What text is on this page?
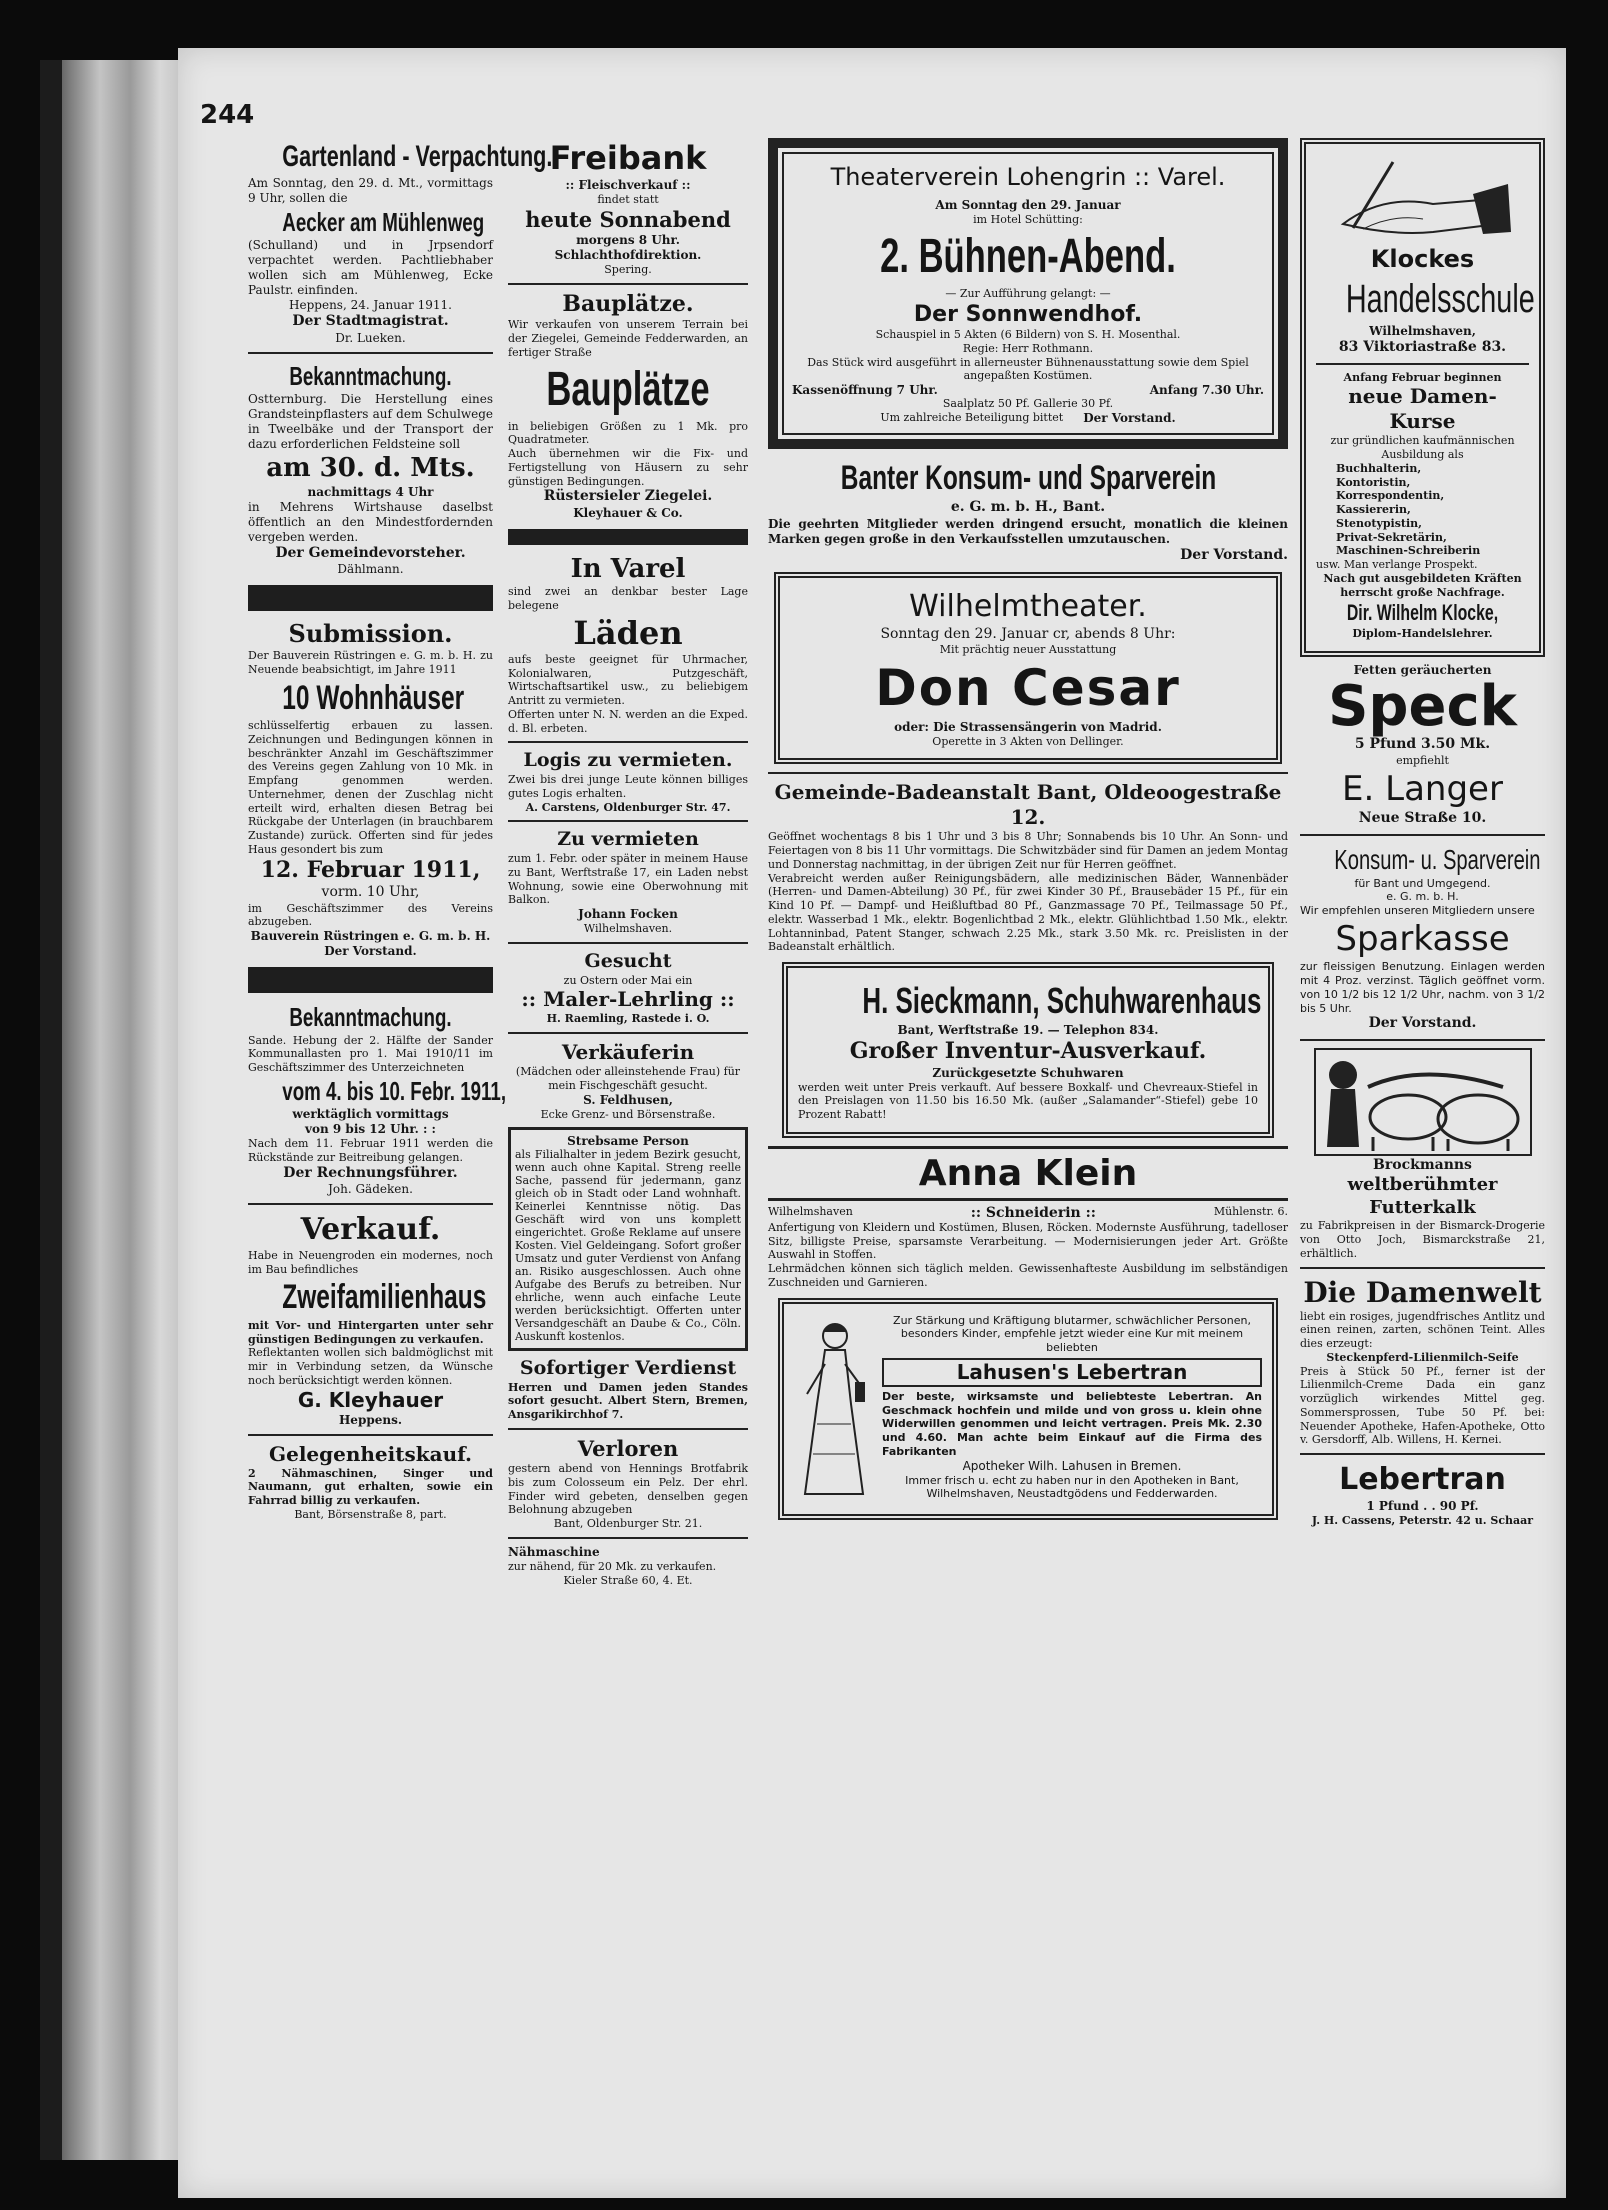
244

Gartenland - Verpachtung.

Am Sonntag, den 29. d. Mt., vormittags 9 Uhr, sollen die

Aecker am Mühlenweg

(Schulland) und in Jrpsendorf verpachtet werden. Pachtliebhaber wollen sich am Mühlenweg, Ecke Paulstr. einfinden.

Heppens, 24. Januar 1911.

Der Stadtmagistrat.

Dr. Lueken.

Bekanntmachung.

Ostternburg. Die Herstellung eines Grandsteinpflasters auf dem Schulwege in Tweelbäke und der Transport der dazu erforderlichen Feldsteine soll

am 30. d. Mts.

nachmittags 4 Uhr

in Mehrens Wirtshause daselbst öffentlich an den Mindestfordernden vergeben werden.

Der Gemeindevorsteher.

Dählmann.

Submission.

Der Bauverein Rüstringen e. G. m. b. H. zu Neuende beabsichtigt, im Jahre 1911

10 Wohnhäuser

schlüsselfertig erbauen zu lassen. Zeichnungen und Bedingungen können in beschränkter Anzahl im Geschäftszimmer des Vereins gegen Zahlung von 10 Mk. in Empfang genommen werden. Unternehmer, denen der Zuschlag nicht erteilt wird, erhalten diesen Betrag bei Rückgabe der Unterlagen (in brauchbarem Zustande) zurück. Offerten sind für jedes Haus gesondert bis zum

12. Februar 1911,

vorm. 10 Uhr,

im Geschäftszimmer des Vereins abzugeben.

Bauverein Rüstringen e. G. m. b. H.

Der Vorstand.

Bekanntmachung.

Sande. Hebung der 2. Hälfte der Sander Kommunallasten pro 1. Mai 1910/11 im Geschäftszimmer des Unterzeichneten

vom 4. bis 10. Febr. 1911,

werktäglich vormittags

von 9 bis 12 Uhr. : :

Nach dem 11. Februar 1911 werden die Rückstände zur Beitreibung gelangen.

Der Rechnungsführer.

Joh. Gädeken.

Verkauf.

Habe in Neuengroden ein modernes, noch im Bau befindliches

Zweifamilienhaus

mit Vor- und Hintergarten unter sehr günstigen Bedingungen zu verkaufen.

Reflektanten wollen sich baldmöglichst mit mir in Verbindung setzen, da Wünsche noch berücksichtigt werden können.

G. Kleyhauer

Heppens.

Gelegenheitskauf.

2 Nähmaschinen, Singer und Naumann, gut erhalten, sowie ein Fahrrad billig zu verkaufen.

Bant, Börsenstraße 8, part.

Freibank

:: Fleischverkauf ::

findet statt

heute Sonnabend

morgens 8 Uhr.

Schlachthofdirektion.

Spering.

Bauplätze.

Wir verkaufen von unserem Terrain bei der Ziegelei, Gemeinde Fedderwarden, an fertiger Straße

Bauplätze

in beliebigen Größen zu 1 Mk. pro Quadratmeter.

Auch übernehmen wir die Fix- und Fertigstellung von Häusern zu sehr günstigen Bedingungen.

Rüstersieler Ziegelei.

Kleyhauer & Co.

In Varel

sind zwei an denkbar bester Lage belegene

Läden

aufs beste geeignet für Uhrmacher, Kolonialwaren, Putzgeschäft, Wirtschaftsartikel usw., zu beliebigem Antritt zu vermieten.

Offerten unter N. N. werden an die Exped. d. Bl. erbeten.

Logis zu vermieten.

Zwei bis drei junge Leute können billiges gutes Logis erhalten.

A. Carstens, Oldenburger Str. 47.

Zu vermieten

zum 1. Febr. oder später in meinem Hause zu Bant, Werftstraße 17, ein Laden nebst Wohnung, sowie eine Oberwohnung mit Balkon.

Johann Focken

Wilhelmshaven.

Gesucht

zu Ostern oder Mai ein

:: Maler-Lehrling ::

H. Raemling, Rastede i. O.

Verkäuferin

(Mädchen oder alleinstehende Frau) für mein Fischgeschäft gesucht.

S. Feldhusen,

Ecke Grenz- und Börsenstraße.

Strebsame Person

als Filialhalter in jedem Bezirk gesucht, wenn auch ohne Kapital. Streng reelle Sache, passend für jedermann, ganz gleich ob in Stadt oder Land wohnhaft. Keinerlei Kenntnisse nötig. Das Geschäft wird von uns komplett eingerichtet. Große Reklame auf unsere Kosten. Viel Geldeingang. Sofort großer Umsatz und guter Verdienst von Anfang an. Risiko ausgeschlossen. Auch ohne Aufgabe des Berufs zu betreiben. Nur ehrliche, wenn auch einfache Leute werden berücksichtigt. Offerten unter Versandgeschäft an Daube & Co., Cöln. Auskunft kostenlos.

Sofortiger Verdienst

Herren und Damen jeden Standes sofort gesucht. Albert Stern, Bremen, Ansgarikirchhof 7.

Verloren

gestern abend von Hennings Brotfabrik bis zum Colosseum ein Pelz. Der ehrl. Finder wird gebeten, denselben gegen Belohnung abzugeben

Bant, Oldenburger Str. 21.

Nähmaschine

zur nähend, für 20 Mk. zu verkaufen.

Kieler Straße 60, 4. Et.

Theaterverein Lohengrin :: Varel.

Am Sonntag den 29. Januar

im Hotel Schütting:

2. Bühnen-Abend.

— Zur Aufführung gelangt: —

Der Sonnwendhof.

Schauspiel in 5 Akten (6 Bildern) von S. H. Mosenthal.

Regie: Herr Rothmann.

Das Stück wird ausgeführt in allerneuster Bühnenausstattung sowie dem Spiel angepaßten Kostümen.

Kassenöffnung 7 Uhr.	Anfang 7.30 Uhr.

Saalplatz 50 Pf. Gallerie 30 Pf.

Um zahlreiche Beteiligung bittet Der Vorstand.

Banter Konsum- und Sparverein

e. G. m. b. H., Bant.

Die geehrten Mitglieder werden dringend ersucht, monatlich die kleinen Marken gegen große in den Verkaufsstellen umzutauschen.

Der Vorstand.

Wilhelmtheater.

Sonntag den 29. Januar cr, abends 8 Uhr:

Mit prächtig neuer Ausstattung

Don Cesar

oder: Die Strassensängerin von Madrid.

Operette in 3 Akten von Dellinger.

Gemeinde-Badeanstalt Bant, Oldeoogestraße 12.

Geöffnet wochentags 8 bis 1 Uhr und 3 bis 8 Uhr; Sonnabends bis 10 Uhr. An Sonn- und Feiertagen von 8 bis 11 Uhr vormittags. Die Schwitzbäder sind für Damen an jedem Montag und Donnerstag nachmittag, in der übrigen Zeit nur für Herren geöffnet.

Verabreicht werden außer Reinigungsbädern, alle medizinischen Bäder, Wannenbäder (Herren- und Damen-Abteilung) 30 Pf., für zwei Kinder 30 Pf., Brausebäder 15 Pf., für ein Kind 10 Pf. — Dampf- und Heißluftbad 80 Pf., Ganzmassage 70 Pf., Teilmassage 50 Pf., elektr. Wasserbad 1 Mk., elektr. Bogenlichtbad 2 Mk., elektr. Glühlichtbad 1.50 Mk., elektr. Lohtanninbad, Patent Stanger, schwach 2.25 Mk., stark 3.50 Mk. rc. Preislisten in der Badeanstalt erhältlich.

H. Sieckmann, Schuhwarenhaus

Bant, Werftstraße 19. — Telephon 834.

Großer Inventur-Ausverkauf.

Zurückgesetzte Schuhwaren

werden weit unter Preis verkauft. Auf bessere Boxkalf- und Chevreaux-Stiefel in den Preislagen von 11.50 bis 16.50 Mk. (außer „Salamander“-Stiefel) gebe 10 Prozent Rabatt!

Anna Klein

Wilhelmshaven	:: Schneiderin ::	Mühlenstr. 6.

Anfertigung von Kleidern und Kostümen, Blusen, Röcken. Modernste Ausführung, tadelloser Sitz, billigste Preise, sparsamste Verarbeitung. — Modernisierungen jeder Art. Größte Auswahl in Stoffen.

Lehrmädchen können sich täglich melden. Gewissenhafteste Ausbildung im selbständigen Zuschneiden und Garnieren.

Zur Stärkung und Kräftigung blutarmer, schwächlicher Personen, besonders Kinder, empfehle jetzt wieder eine Kur mit meinem beliebten

Lahusen's Lebertran

Der beste, wirksamste und beliebteste Lebertran. An Geschmack hochfein und milde und von gross u. klein ohne Widerwillen genommen und leicht vertragen. Preis Mk. 2.30 und 4.60. Man achte beim Einkauf auf die Firma des Fabrikanten

Apotheker Wilh. Lahusen in Bremen.

Immer frisch u. echt zu haben nur in den Apotheken in Bant, Wilhelmshaven, Neustadtgödens und Fedderwarden.

Klockes

Handelsschule

Wilhelmshaven,

83 Viktoriastraße 83.

Anfang Februar beginnen

neue Damen-Kurse

zur gründlichen kaufmännischen Ausbildung als

Buchhalterin,

Kontoristin,

Korrespondentin,

Kassiererin,

Stenotypistin,

Privat-Sekretärin,

Maschinen-Schreiberin

usw. Man verlange Prospekt.

Nach gut ausgebildeten Kräften herrscht große Nachfrage.

Dir. Wilhelm Klocke,

Diplom-Handelslehrer.

Fetten geräucherten

Speck

5 Pfund 3.50 Mk.

empfiehlt

E. Langer

Neue Straße 10.

Konsum- u. Sparverein

für Bant und Umgegend.

e. G. m. b. H.

Wir empfehlen unseren Mitgliedern unsere

Sparkasse

zur fleissigen Benutzung. Einlagen werden mit 4 Proz. verzinst. Täglich geöffnet vorm. von 10 1/2 bis 12 1/2 Uhr, nachm. von 3 1/2 bis 5 Uhr.

Der Vorstand.

Brockmanns

weltberühmter Futterkalk

zu Fabrikpreisen in der Bismarck-Drogerie von Otto Joch, Bismarckstraße 21, erhältlich.

Die Damenwelt

liebt ein rosiges, jugendfrisches Antlitz und einen reinen, zarten, schönen Teint. Alles dies erzeugt:

Steckenpferd-Lilienmilch-Seife

Preis à Stück 50 Pf., ferner ist der Lilienmilch-Creme Dada ein ganz vorzüglich wirkendes Mittel geg. Sommersprossen, Tube 50 Pf. bei: Neuender Apotheke, Hafen-Apotheke, Otto v. Gersdorff, Alb. Willens, H. Kernei.

Lebertran

1 Pfund . . 90 Pf.

J. H. Cassens, Peterstr. 42 u. Schaar
